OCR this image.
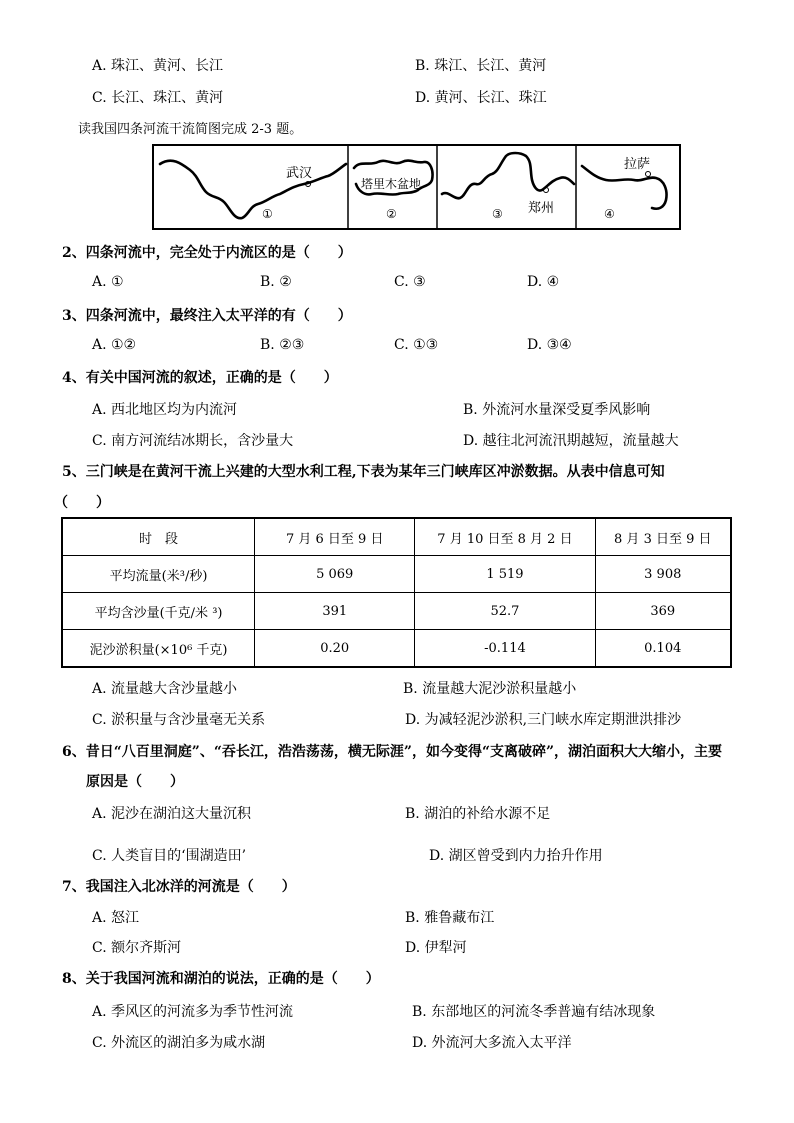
A. 珠江、黄河、长江	B. 珠江、长江、黄河
C. 长江、珠江、黄河	D. 黄河、长江、珠江
读我国四条河流干流简图完成 2-3 题。
武汉
①
塔里木盆地
②	郑州
③
拉萨
④
2、四条河流中，完全处于内流区的是（　　）
A. ①	B. ②	C. ③	D. ④
3、四条河流中，最终注入太平洋的有（　　）
A. ①②	B. ②③	C. ①③	D. ③④
4、有关中国河流的叙述，正确的是（　　）
A. 西北地区均为内流河	B. 外流河水量深受夏季风影响
C. 南方河流结冰期长，含沙量大	D. 越往北河流汛期越短，流量越大
5、三门峡是在黄河干流上兴建的大型水利工程,下表为某年三门峡库区冲淤数据。从表中信息可知
（　　）
时　段	7 月 6 日至 9 日	7 月 10 日至 8 月 2 日	8 月 3 日至 9 日
平均流量(米³/秒)	5 069	1 519	3 908
平均含沙量(千克/米 ³)	391	52.7	369
泥沙淤积量(×10⁶ 千克)	0.20	-0.114	0.104
A. 流量越大含沙量越小	B. 流量越大泥沙淤积量越小
C. 淤积量与含沙量毫无关系	D. 为减轻泥沙淤积,三门峡水库定期泄洪排沙
6、昔日“八百里洞庭”、“吞长江，浩浩荡荡，横无际涯”，如今变得“支离破碎”，湖泊面积大大缩小，主要
原因是（　　）
A. 泥沙在湖泊这大量沉积	B. 湖泊的补给水源不足
C. 人类盲目的‘围湖造田’	D. 湖区曾受到内力抬升作用
7、我国注入北冰洋的河流是（　　）
A. 怒江	B. 雅鲁藏布江
C. 额尔齐斯河	D. 伊犁河
8、关于我国河流和湖泊的说法，正确的是（　　）
A. 季风区的河流多为季节性河流	B. 东部地区的河流冬季普遍有结冰现象
C. 外流区的湖泊多为咸水湖	D. 外流河大多流入太平洋
